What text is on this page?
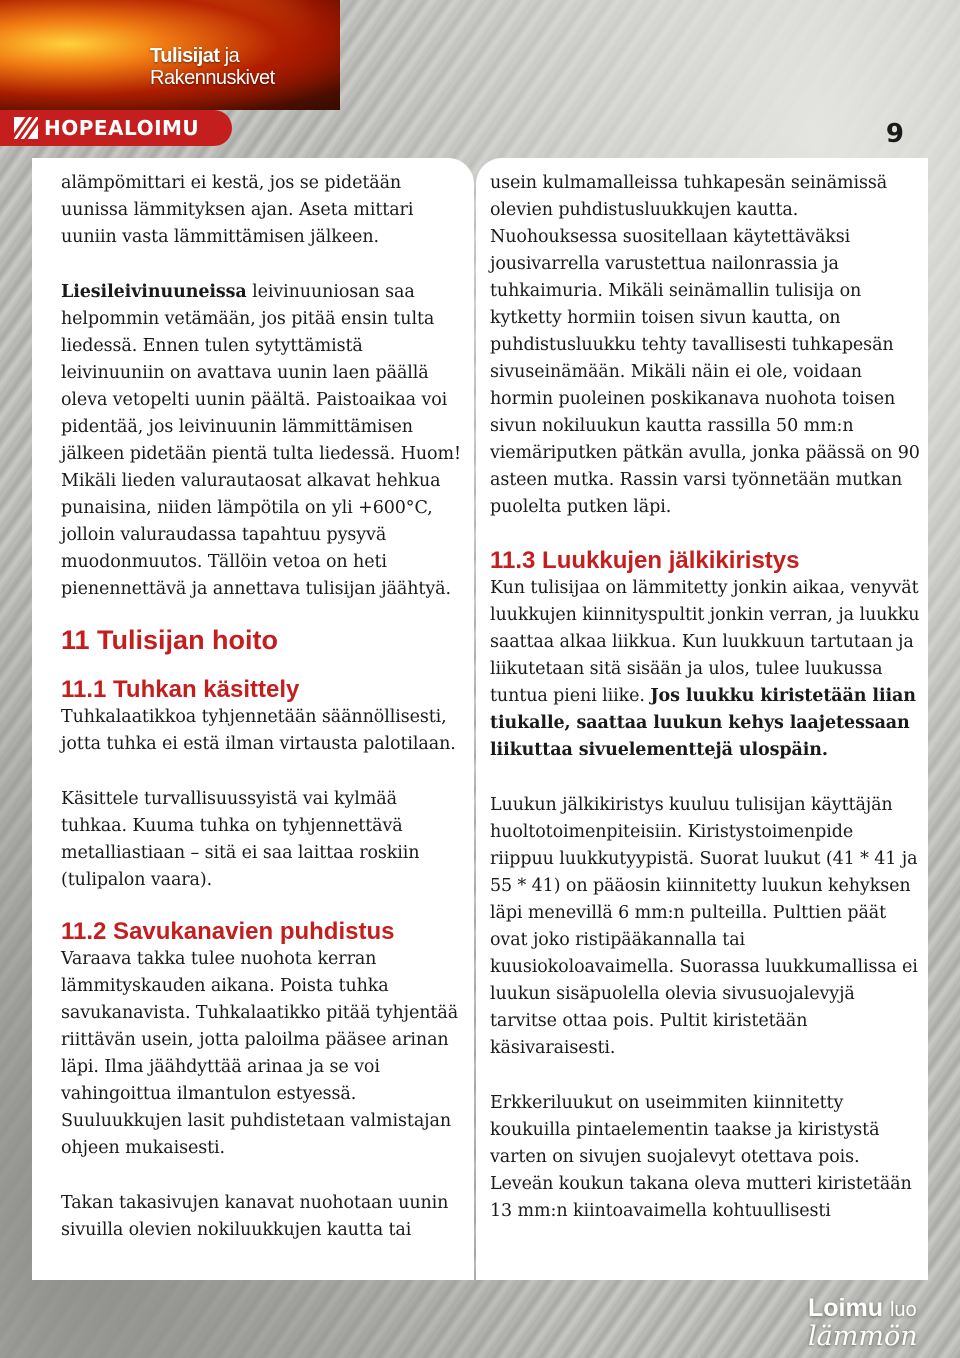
Tulisijat ja
Rakennuskivet
HOPEALOIMU	9

alämpömittari ei kestä, jos se pidetään uunissa lämmityksen ajan. Aseta mittari uuniin vasta lämmittämisen jälkeen.

Liesileivinuuneissa leivinuuniosan saa helpommin vetämään, jos pitää ensin tulta liedessä. Ennen tulen sytyttämistä leivinuuniin on avattava uunin laen päällä oleva vetopelti uunin päältä. Paistoaikaa voi pidentää, jos leivinuunin lämmittämisen jälkeen pidetään pientä tulta liedessä. Huom! Mikäli lieden valurautaosat alkavat hehkua punaisina, niiden lämpötila on yli +600°C, jolloin valuraudassa tapahtuu pysyvä muodonmuutos. Tällöin vetoa on heti pienennettävä ja annettava tulisijan jäähtyä.

11 Tulisijan hoito
11.1 Tuhkan käsittely

Tuhkalaatikkoa tyhjennetään säännöllisesti, jotta tuhka ei estä ilman virtausta palotilaan.

Käsittele turvallisuussyistä vai kylmää tuhkaa. Kuuma tuhka on tyhjennettävä metalliastiaan – sitä ei saa laittaa roskiin (tulipalon vaara).

11.2 Savukanavien puhdistus

Varaava takka tulee nuohota kerran lämmityskauden aikana. Poista tuhka savukanavista. Tuhkalaatikko pitää tyhjentää riittävän usein, jotta paloilma pääsee arinan läpi. Ilma jäähdyttää arinaa ja se voi vahingoittua ilmantulon estyessä. Suuluukkujen lasit puhdistetaan valmistajan ohjeen mukaisesti.

Takan takasivujen kanavat nuohotaan uunin sivuilla olevien nokiluukkujen kautta tai

usein kulmamalleissa tuhkapesän seinämissä olevien puhdistusluukkujen kautta. Nuohouksessa suositellaan käytettäväksi jousivarrella varustettua nailonrassia ja tuhkaimuria. Mikäli seinämallin tulisija on kytketty hormiin toisen sivun kautta, on puhdistusluukku tehty tavallisesti tuhkapesän sivuseinämään. Mikäli näin ei ole, voidaan hormin puoleinen poskikanava nuohota toisen sivun nokiluukun kautta rassilla 50 mm:n viemäriputken pätkän avulla, jonka päässä on 90 asteen mutka. Rassin varsi työnnetään mutkan puolelta putken läpi.

11.3 Luukkujen jälkikiristys

Kun tulisijaa on lämmitetty jonkin aikaa, venyvät luukkujen kiinnityspultit jonkin verran, ja luukku saattaa alkaa liikkua. Kun luukkuun tartutaan ja liikutetaan sitä sisään ja ulos, tulee luukussa tuntua pieni liike. Jos luukku kiristetään liian tiukalle, saattaa luukun kehys laajetessaan liikuttaa sivuelementtejä ulospäin.

Luukun jälkikiristys kuuluu tulisijan käyttäjän huoltotoimenpiteisiin. Kiristystoimenpide riippuu luukkutyypistä. Suorat luukut (41 * 41 ja 55 * 41) on pääosin kiinnitetty luukun kehyksen läpi menevillä 6 mm:n pulteilla. Pulttien päät ovat joko ristipääkannalla tai kuusiokoloavaimella. Suorassa luukkumallissa ei luukun sisäpuolella olevia sivusuojalevyjä tarvitse ottaa pois. Pultit kiristetään käsivaraisesti.

Erkkeriluukut on useimmiten kiinnitetty koukuilla pintaelementin taakse ja kiristystä varten on sivujen suojalevyt otettava pois. Leveän koukun takana oleva mutteri kiristetään 13 mm:n kiintoavaimella kohtuullisesti

Loimu luo
lämmön
